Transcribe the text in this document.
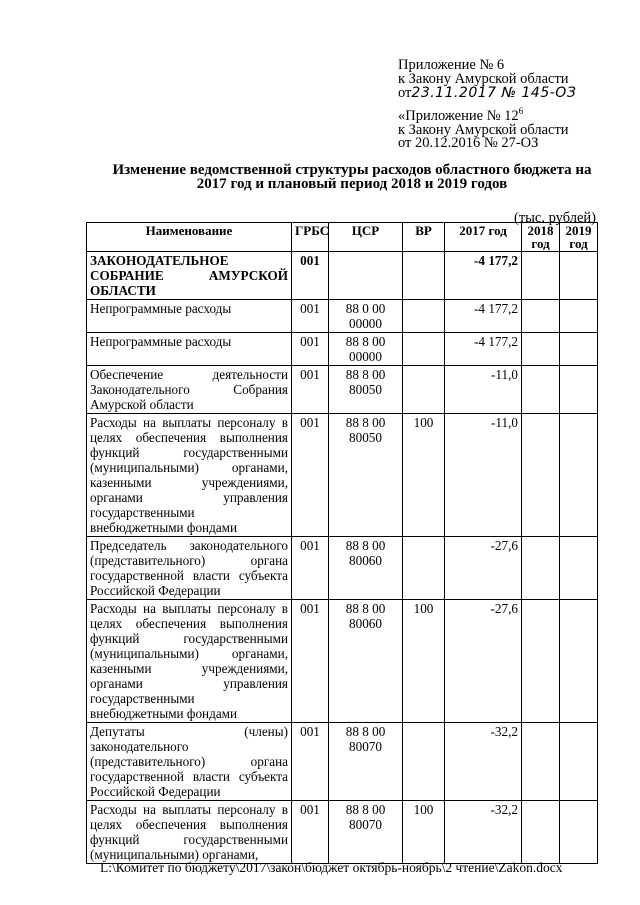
Приложение № 6
к Закону Амурской области
от23.11.2017 № 145-ОЗ
«Приложение № $12^6$
к Закону Амурской области
от 20.12.2016 № 27-ОЗ
Изменение ведомственной структуры расходов областного бюджета на
2017 год и плановый период 2018 и 2019 годов
(тыс. рублей)
Наименование	ГРБС	ЦСР	ВР	2017 год	2018 год	2019 год
ЗАКОНОДАТЕЛЬНОЕ СОБРАНИЕ АМУРСКОЙ ОБЛАСТИ	001			-4 177,2		
Непрограммные расходы	001	88 0 00 00000		-4 177,2		
Непрограммные расходы	001	88 8 00 00000		-4 177,2		
Обеспечение деятельности Законодательного Собрания Амурской области	001	88 8 00 80050		-11,0		
Расходы на выплаты персоналу в целях обеспечения выполнения функций государственными (муниципальными) органами, казенными учреждениями, органами управления государственными внебюджетными фондами	001	88 8 00 80050	100	-11,0		
Председатель законодательного (представительного) органа государственной власти субъекта Российской Федерации	001	88 8 00 80060		-27,6		
Расходы на выплаты персоналу в целях обеспечения выполнения функций государственными (муниципальными) органами, казенными учреждениями, органами управления государственными внебюджетными фондами	001	88 8 00 80060	100	-27,6		
Депутаты (члены) законодательного (представительного) органа государственной власти субъекта Российской Федерации	001	88 8 00 80070		-32,2		
Расходы на выплаты персоналу в целях обеспечения выполнения функций государственными (муниципальными) органами,	001	88 8 00 80070	100	-32,2		
L:\Комитет по бюджету\2017\закон\бюджет октябрь-ноябрь\2 чтение\Zakon.docx
